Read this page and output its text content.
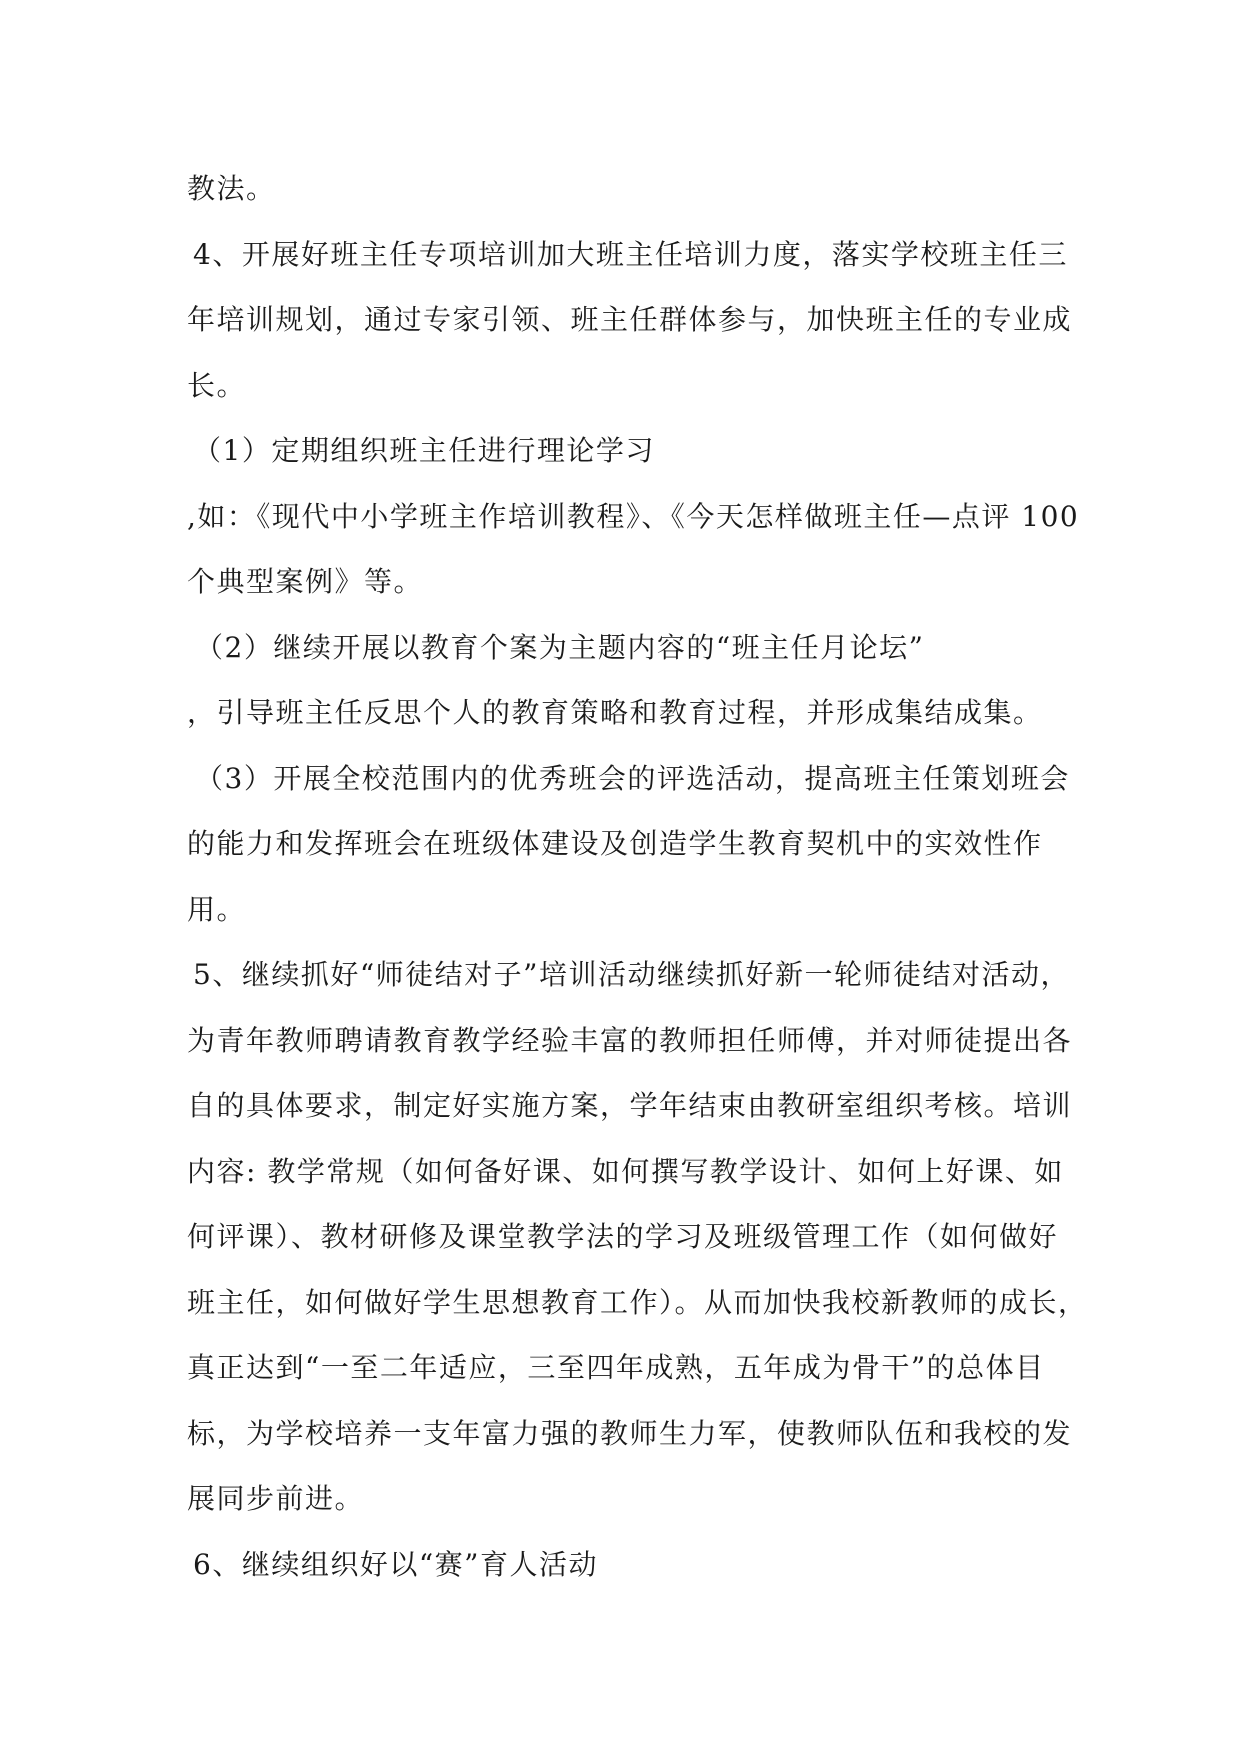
教法。
4、开展好班主任专项培训加大班主任培训力度，落实学校班主任三
年培训规划，通过专家引领、班主任群体参与，加快班主任的专业成
长。
（1）定期组织班主任进行理论学习
,如：《现代中小学班主作培训教程》、《今天怎样做班主任—点评 100
个典型案例》等。
（2）继续开展以教育个案为主题内容的“班主任月论坛”
，引导班主任反思个人的教育策略和教育过程，并形成集结成集。
（3）开展全校范围内的优秀班会的评选活动，提高班主任策划班会
的能力和发挥班会在班级体建设及创造学生教育契机中的实效性作
用。
5、继续抓好“师徒结对子”培训活动继续抓好新一轮师徒结对活动，
为青年教师聘请教育教学经验丰富的教师担任师傅，并对师徒提出各
自的具体要求，制定好实施方案，学年结束由教研室组织考核。培训
内容: 教学常规（如何备好课、如何撰写教学设计、如何上好课、如
何评课）、教材研修及课堂教学法的学习及班级管理工作（如何做好
班主任，如何做好学生思想教育工作）。从而加快我校新教师的成长，
真正达到“一至二年适应，三至四年成熟，五年成为骨干”的总体目
标，为学校培养一支年富力强的教师生力军，使教师队伍和我校的发
展同步前进。
6、继续组织好以“赛”育人活动
